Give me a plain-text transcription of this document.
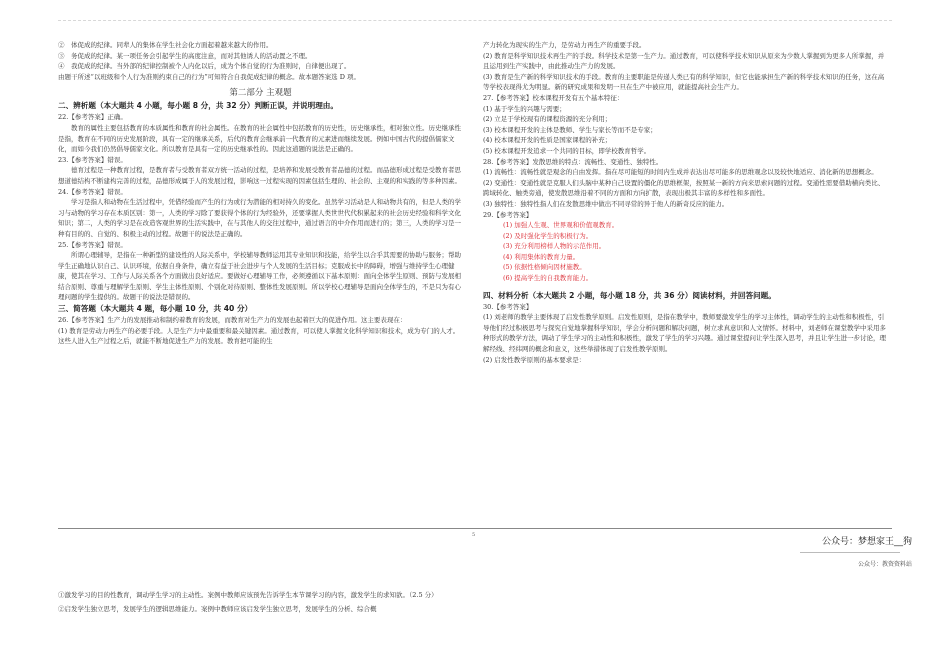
②　体促成的纪律。同辈人的集体在学生社会化方面起着越来越大的作用。

③　务促成的纪律。某一项任务会引起学生的高度注意，而对其他诱人的活动置之不理。

④　我促成的纪律。当外部的纪律控制被个人内化以后，成为个体自觉的行为准则时，自律便出现了。

由题干所述“以班级和个人行为准则约束自己的行为”可知符合自我促成纪律的概念。故本题答案选 D 项。

第二部分 主观题

二、辨析题（本大题共 4 小题，每小题 8 分，共 32 分）判断正误，并说明理由。

22.【参考答案】正确。

教育的属性主要包括教育的本质属性和教育的社会属性。在教育的社会属性中包括教育的历史性，历史继承性，相对独立性。历史继承性是指，教育在不同的历史发展阶段，具有一定的继承关系，后代的教育会继承前一代教育的元素进而继续发展。例如中国古代的提倡儒家文化，而如今我们仍然倡导儒家文化。所以教育是具有一定的历史继承性的。因此这道题的说法是正确的。

23.【参考答案】错误。

德育过程是一种教育过程，是教育者与受教育者双方统一活动的过程，是培养和发展受教育者品德的过程。而品德形成过程是受教育者思想道德结构不断建构完善的过程，品德形成属于人的发展过程，影响这一过程实现的因素包括生理的、社会的、主观的和实践的等多种因素。

24.【参考答案】错误。

学习是指人和动物在生活过程中，凭借经验而产生的行为或行为潜能的相对持久的变化。虽然学习活动是人和动物共有的，但是人类的学习与动物的学习存在本质区别：第一，人类的学习除了要获得个体的行为经验外，还要掌握人类世世代代积累起来的社会历史经验和科学文化知识；第二，人类的学习是在改造客观世界的生活实践中，在与其他人的交往过程中，通过语言的中介作用而进行的；第三，人类的学习是一种有目的的、自觉的、积极主动的过程。故题干的说法是正确的。

25.【参考答案】错误。

所谓心理辅导，是指在一种新型的建设性的人际关系中，学校辅导教师运用其专业知识和技能，给学生以合乎其需要的协助与服务；帮助学生正确地认识自己、认识环境，依据自身条件，确立有益于社会进步与个人发展的生活目标；克服成长中的障碍，增强与维持学生心理健康，使其在学习、工作与人际关系各个方面做出良好适应。要做好心理辅导工作，必须遵循以下基本原则：面向全体学生原则、预防与发展相结合原则、尊重与理解学生原则、学生主体性原则、个别化对待原则、整体性发展原则。所以学校心理辅导是面向全体学生的，不是只为有心理问题的学生提供的。故题干的说法是错误的。

三、简答题（本大题共 4 题，每小题 10 分，共 40 分）

26.【参考答案】生产力的发展推动和制约着教育的发展，而教育对生产力的发展也起着巨大的促进作用。这主要表现在：

(1) 教育是劳动力再生产的必要手段。人是生产力中最重要和最关键因素。通过教育，可以使人掌握文化科学知识和技术，成为专门的人才。这些人进入生产过程之后，就能不断地促进生产力的发展。教育把可能的生

产力转化为现实的生产力，是劳动力再生产的重要手段。

(2) 教育是科学知识技术再生产的手段。科学技术是第一生产力。通过教育，可以使科学技术知识从原来为少数人掌握到为更多人所掌握，并且运用到生产实践中，由此推动生产力的发展。

(3) 教育是生产新的科学知识技术的手段。教育的主要职能是传递人类已有的科学知识，但它也能承担生产新的科学技术知识的任务，这在高等学校表现得尤为明显。新的研究成果和发明一旦在生产中被应用，就能提高社会生产力。

27.【参考答案】校本课程开发有五个基本特征：

(1) 基于学生的兴趣与需要；

(2) 立足于学校现有的课程资源的充分利用；

(3) 校本课程开发的主体是教师、学生与家长等而不是专家；

(4) 校本课程开发的性质是国家课程的补充；

(5) 校本课程开发追求一个共同的目标，即学校教育哲学。

28.【参考答案】发散思维的特点：流畅性、变通性、独特性。

(1) 流畅性：流畅性就是观念的自由发挥。指在尽可能短的时间内生成并表达出尽可能多的思维观念以及较快地适应、消化新的思想概念。

(2) 变通性：变通性就是克服人们头脑中某种自己设置的僵化的思维框架，按照某一新的方向来思索问题的过程。变通性需要借助横向类比、跨域转化、触类旁通，使发散思维沿着不同的方面和方向扩散，表现出极其丰富的多样性和多面性。

(3) 独特性：独特性指人们在发散思维中做出不同寻常的异于他人的新奇反应的能力。

29.【参考答案】

(1) 加强人生观、世界观和价值观教育。

(2) 及时强化学生的积极行为。

(3) 充分利用榜样人物的示范作用。

(4) 利用集体的教育力量。

(5) 依据性格倾向因材施教。

(6) 提高学生的自我教育能力。

四、材料分析（本大题共 2 小题，每小题 18 分，共 36 分）阅读材料，并回答问题。

30.【参考答案】

(1) 刘老师的教学主要体现了启发性教学原则。启发性原则，是指在教学中，教师要激发学生的学习主体性，调动学生的主动性和积极性，引导他们经过积极思考与探究自觉地掌握科学知识，学会分析问题和解决问题，树立求真意识和人文情怀。材料中，刘老师在课堂教学中采用多种形式的教学方法，调动了学生学习的主动性和积极性，激发了学生的学习兴趣。通过课堂提问让学生深入思考，并且让学生进一步讨论，理解经线、经纬网的概念和意义，这些举措体现了启发性教学原则。

(2) 启发性教学原则的基本要求是：

5
公众号：梦想家王__狗
公众号：教资资料站

①激发学习的目的性教育，调动学生学习的主动性。案例中教师应该预先告诉学生本节课学习的内容，激发学生的求知欲。（2.5 分）

②启发学生独立思考，发展学生的逻辑思维能力。案例中教师应该启发学生独立思考，发展学生的分析、综合概
